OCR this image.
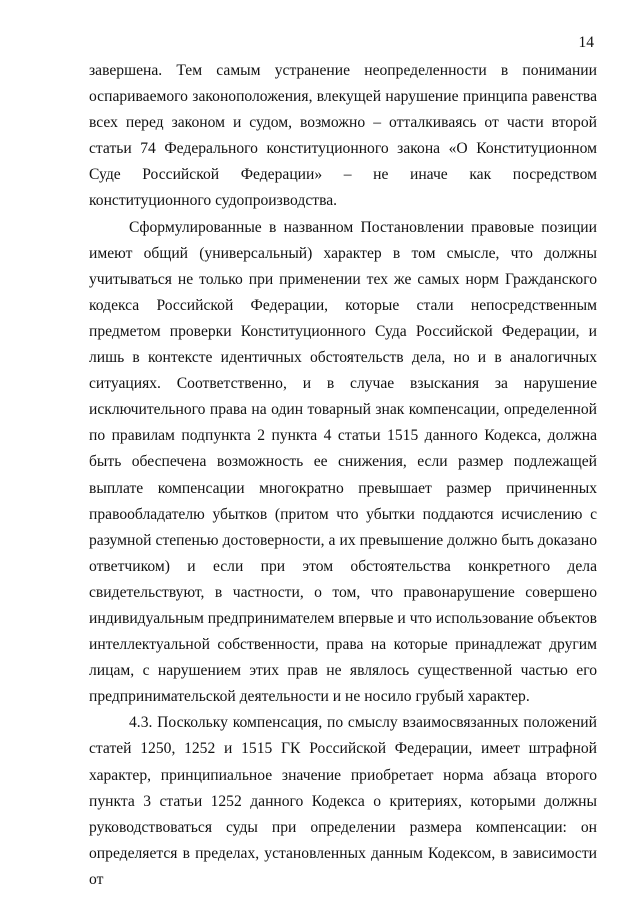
14

завершена. Тем самым устранение неопределенности в понимании оспариваемого законоположения, влекущей нарушение принципа равенства всех перед законом и судом, возможно – отталкиваясь от части второй статьи 74 Федерального конституционного закона «О Конституционном Суде Российской Федерации» – не иначе как посредством конституционного судопроизводства.

Сформулированные в названном Постановлении правовые позиции имеют общий (универсальный) характер в том смысле, что должны учитываться не только при применении тех же самых норм Гражданского кодекса Российской Федерации, которые стали непосредственным предметом проверки Конституционного Суда Российской Федерации, и лишь в контексте идентичных обстоятельств дела, но и в аналогичных ситуациях. Соответственно, и в случае взыскания за нарушение исключительного права на один товарный знак компенсации, определенной по правилам подпункта 2 пункта 4 статьи 1515 данного Кодекса, должна быть обеспечена возможность ее снижения, если размер подлежащей выплате компенсации многократно превышает размер причиненных правообладателю убытков (притом что убытки поддаются исчислению с разумной степенью достоверности, а их превышение должно быть доказано ответчиком) и если при этом обстоятельства конкретного дела свидетельствуют, в частности, о том, что правонарушение совершено индивидуальным предпринимателем впервые и что использование объектов интеллектуальной собственности, права на которые принадлежат другим лицам, с нарушением этих прав не являлось существенной частью его предпринимательской деятельности и не носило грубый характер.

4.3. Поскольку компенсация, по смыслу взаимосвязанных положений статей 1250, 1252 и 1515 ГК Российской Федерации, имеет штрафной характер, принципиальное значение приобретает норма абзаца второго пункта 3 статьи 1252 данного Кодекса о критериях, которыми должны руководствоваться суды при определении размера компенсации: он определяется в пределах, установленных данным Кодексом, в зависимости от
